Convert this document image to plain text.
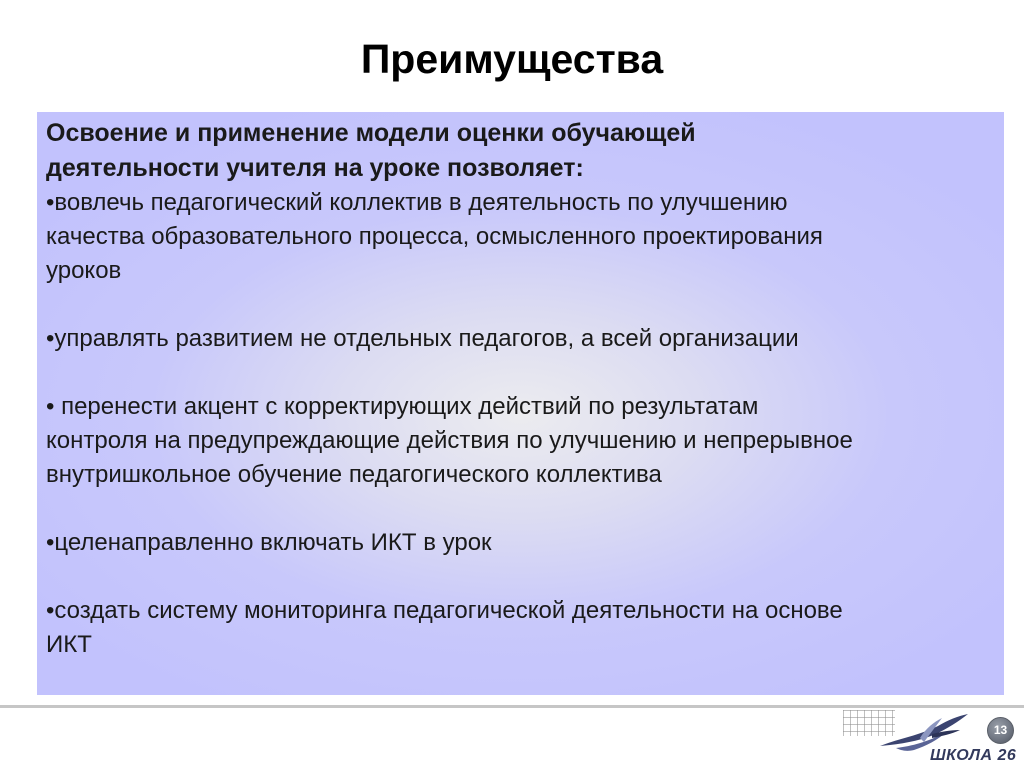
Преимущества
Освоение и применение модели оценки обучающей
деятельности учителя на уроке позволяет:
•вовлечь педагогический коллектив в деятельность по улучшению
качества образовательного процесса, осмысленного проектирования
уроков
•управлять развитием не отдельных педагогов, а всей организации
• перенести акцент с корректирующих действий по результатам
контроля на предупреждающие действия по улучшению и непрерывное
внутришкольное обучение педагогического коллектива
•целенаправленно включать ИКТ в урок
•создать систему мониторинга педагогической деятельности на основе
ИКТ
ШКОЛА 26
13
